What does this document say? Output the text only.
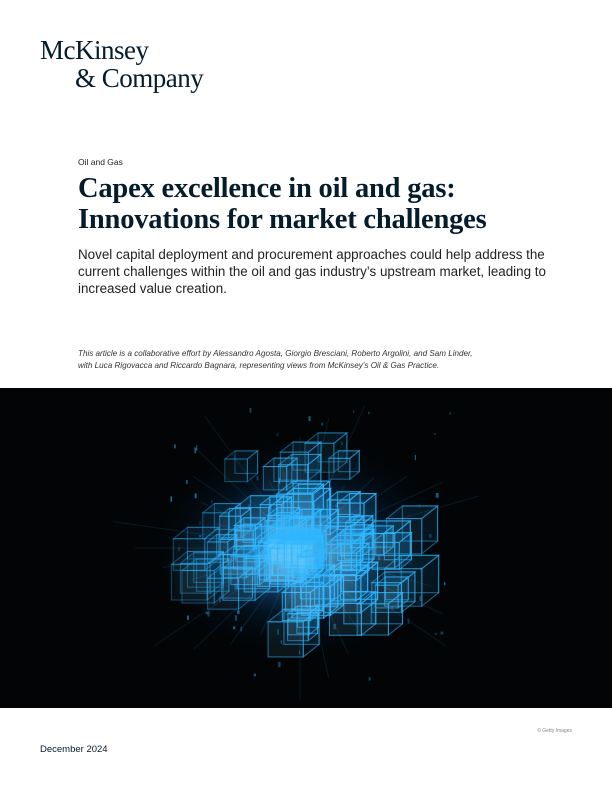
McKinsey
& Company
Oil and Gas
Capex excellence in oil and gas:
Innovations for market challenges
Novel capital deployment and procurement approaches could help address the current challenges within the oil and gas industry’s upstream market, leading to increased value creation.
This article is a collaborative effort by Alessandro Agosta, Giorgio Bresciani, Roberto Argolini, and Sam Linder,
with Luca Rigovacca and Riccardo Bagnara, representing views from McKinsey’s Oil & Gas Practice.
© Getty Images
December 2024
